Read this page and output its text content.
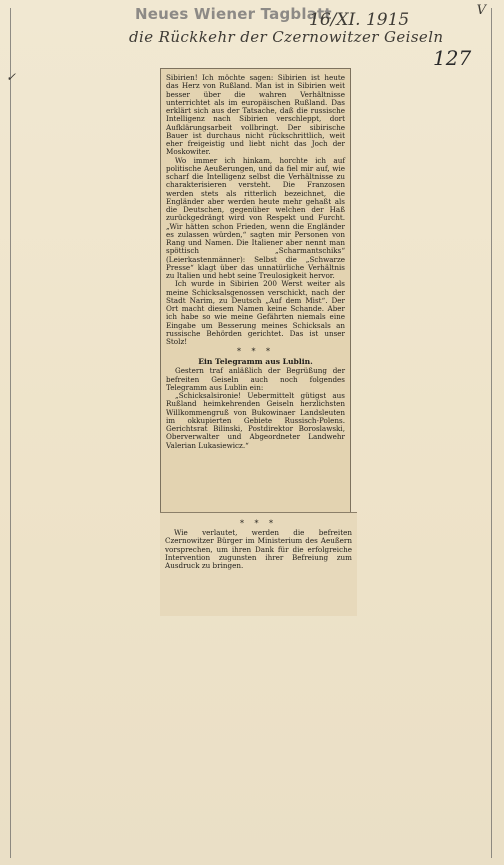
Neues Wiener Tagblatt
16/XI. 1915	V
die Rückkehr der Czernowitzer Geiseln
127
✓	Sibirien! Ich möchte sagen: Sibirien ist heute das Herz von Rußland. Man ist in Sibirien weit besser über die wahren Verhältnisse unterrichtet als im europäischen Rußland. Das erklärt sich aus der Tatsache, daß die russische Intelligenz nach Sibirien verschleppt, dort Aufklärungsarbeit vollbringt. Der sibirische Bauer ist durchaus nicht rückschrittlich, weit eher freigeistig und liebt nicht das Joch der Moskowiter.

Wo immer ich hinkam, horchte ich auf politische Aeußerungen, und da fiel mir auf, wie scharf die Intelligenz selbst die Verhältnisse zu charakterisieren versteht. Die Franzosen werden stets als ritterlich bezeichnet, die Engländer aber werden heute mehr gehaßt als die Deutschen, gegenüber welchen der Haß zurückgedrängt wird von Respekt und Furcht. „Wir hätten schon Frieden, wenn die Engländer es zulassen würden,“ sagten mir Personen von Rang und Namen. Die Italiener aber nennt man spöttisch „Scharmantschiks“ (Leierkastenmänner): Selbst die „Schwarze Presse“ klagt über das unnatürliche Verhältnis zu Italien und hebt seine Treulosigkeit hervor.

Ich wurde in Sibirien 200 Werst weiter als meine Schicksalsgenossen verschickt, nach der Stadt Narim, zu Deutsch „Auf dem Mist“. Der Ort macht diesem Namen keine Schande. Aber ich habe so wie meine Gefährten niemals eine Eingabe um Besserung meines Schicksals an russische Behörden gerichtet. Das ist unser Stolz!

* * *
Ein Telegramm aus Lublin.

Gestern traf anläßlich der Begrüßung der befreiten Geiseln auch noch folgendes Telegramm aus Lublin ein:

„Schicksalsironie! Uebermittelt gütigst aus Rußland heimkehrenden Geiseln herzlichsten Willkommengruß von Bukowinaer Landsleuten im okkupierten Gebiete Russisch-Polens. Gerichtsrat Bilinski, Postdirektor Boroslawski, Oberverwalter und Abgeordneter Landwehr Valerian Lukasiewicz.“

* * *

Wie verlautet, werden die befreiten Czernowitzer Bürger im Ministerium des Aeußern vorsprechen, um ihren Dank für die erfolgreiche Intervention zugunsten ihrer Befreiung zum Ausdruck zu bringen.
